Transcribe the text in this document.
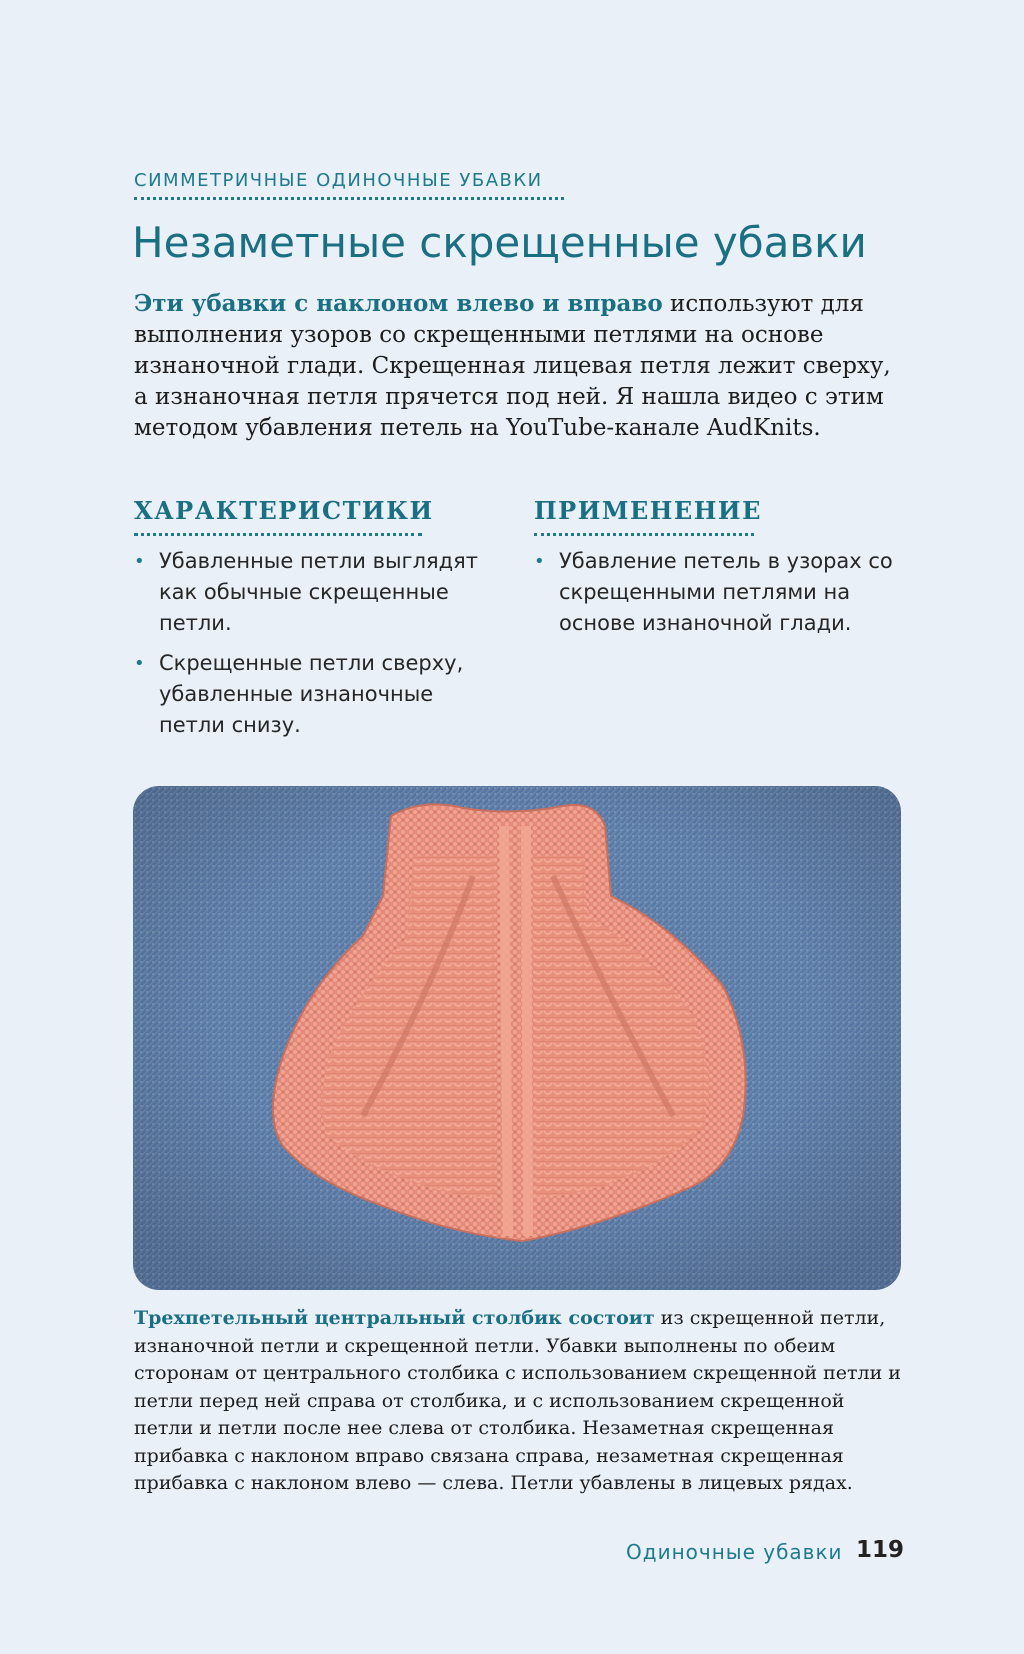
СИММЕТРИЧНЫЕ ОДИНОЧНЫЕ УБАВКИ
Незаметные скрещенные убавки

Эти убавки с наклоном влево и вправо используют для выполнения узоров со скрещенными петлями на основе изнаночной глади. Скрещенная лицевая петля лежит сверху, а изнаночная петля прячется под ней. Я нашла видео с этим методом убавления петель на YouTube-канале AudKnits.

ХАРАКТЕРИСТИКИ
• Убавленные петли выглядят как обычные скрещенные петли.
• Скрещенные петли сверху, убавленные изнаночные петли снизу.
ПРИМЕНЕНИЕ
• Убавление петель в узорах со скрещенными петлями на основе изнаночной глади.

Трехпетельный центральный столбик состоит из скрещенной петли, изнаночной петли и скрещенной петли. Убавки выполнены по обеим сторонам от центрального столбика с использованием скрещенной петли и петли перед ней справа от столбика, и с использованием скрещенной петли и петли после нее слева от столбика. Незаметная скрещенная прибавка с наклоном вправо связана справа, незаметная скрещенная прибавка с наклоном влево — слева. Петли убавлены в лицевых рядах.

Одиночные убавки 119
